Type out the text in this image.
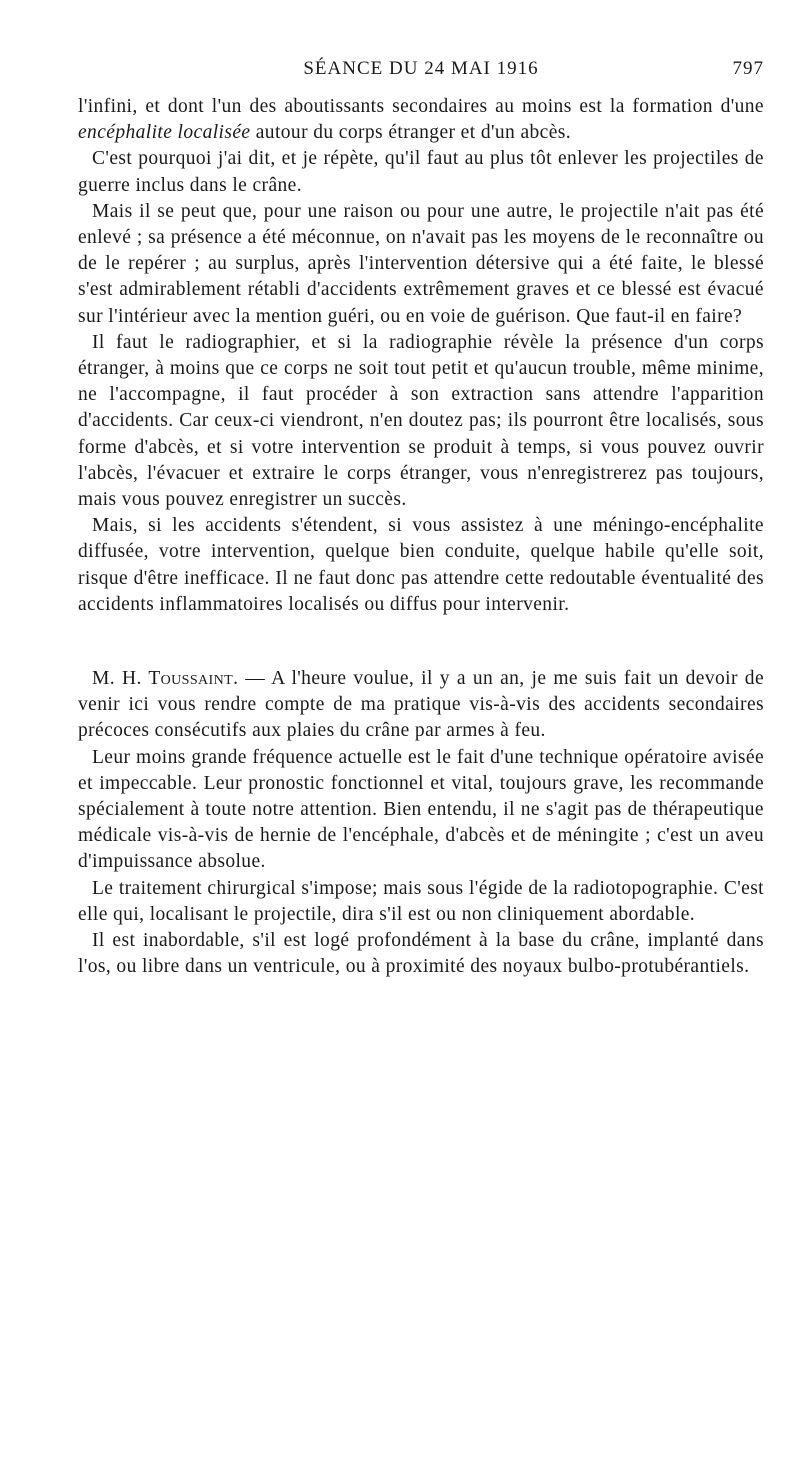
SÉANCE DU 24 MAI 1916	797

l'infini, et dont l'un des aboutissants secondaires au moins est la formation d'une encéphalite localisée autour du corps étranger et d'un abcès.

C'est pourquoi j'ai dit, et je répète, qu'il faut au plus tôt enlever les projectiles de guerre inclus dans le crâne.

Mais il se peut que, pour une raison ou pour une autre, le projectile n'ait pas été enlevé ; sa présence a été méconnue, on n'avait pas les moyens de le reconnaître ou de le repérer ; au surplus, après l'intervention détersive qui a été faite, le blessé s'est admirablement rétabli d'accidents extrêmement graves et ce blessé est évacué sur l'intérieur avec la mention guéri, ou en voie de guérison. Que faut-il en faire?

Il faut le radiographier, et si la radiographie révèle la présence d'un corps étranger, à moins que ce corps ne soit tout petit et qu'aucun trouble, même minime, ne l'accompagne, il faut procéder à son extraction sans attendre l'apparition d'accidents. Car ceux-ci viendront, n'en doutez pas; ils pourront être localisés, sous forme d'abcès, et si votre intervention se produit à temps, si vous pouvez ouvrir l'abcès, l'évacuer et extraire le corps étranger, vous n'enregistrerez pas toujours, mais vous pouvez enregistrer un succès.

Mais, si les accidents s'étendent, si vous assistez à une méningo-encéphalite diffusée, votre intervention, quelque bien conduite, quelque habile qu'elle soit, risque d'être inefficace. Il ne faut donc pas attendre cette redoutable éventualité des accidents inflammatoires localisés ou diffus pour intervenir.

M. H. Toussaint. — A l'heure voulue, il y a un an, je me suis fait un devoir de venir ici vous rendre compte de ma pratique vis-à-vis des accidents secondaires précoces consécutifs aux plaies du crâne par armes à feu.

Leur moins grande fréquence actuelle est le fait d'une technique opératoire avisée et impeccable. Leur pronostic fonctionnel et vital, toujours grave, les recommande spécialement à toute notre attention. Bien entendu, il ne s'agit pas de thérapeutique médicale vis-à-vis de hernie de l'encéphale, d'abcès et de méningite ; c'est un aveu d'impuissance absolue.

Le traitement chirurgical s'impose; mais sous l'égide de la radiotopographie. C'est elle qui, localisant le projectile, dira s'il est ou non cliniquement abordable.

Il est inabordable, s'il est logé profondément à la base du crâne, implanté dans l'os, ou libre dans un ventricule, ou à proximité des noyaux bulbo-protubérantiels.
